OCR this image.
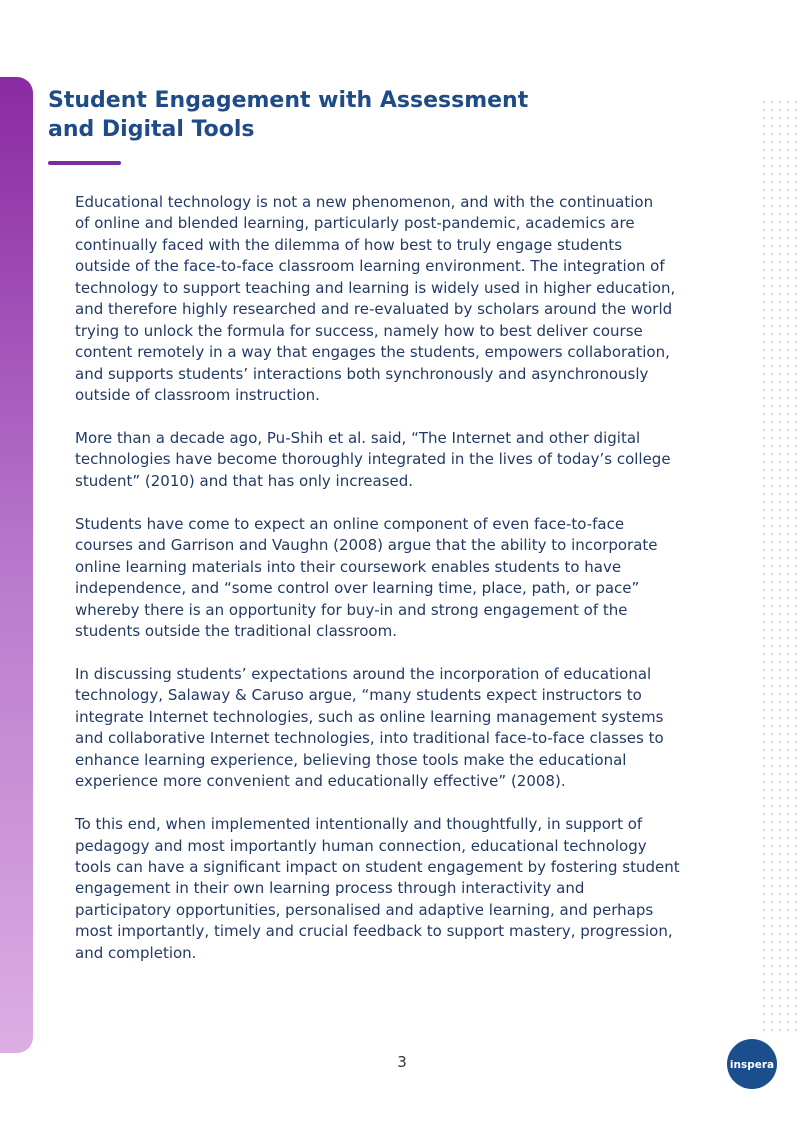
Student Engagement with Assessment
and Digital Tools

Educational technology is not a new phenomenon, and with the continuation
of online and blended learning, particularly post-pandemic, academics are
continually faced with the dilemma of how best to truly engage students
outside of the face-to-face classroom learning environment. The integration of
technology to support teaching and learning is widely used in higher education,
and therefore highly researched and re-evaluated by scholars around the world
trying to unlock the formula for success, namely how to best deliver course
content remotely in a way that engages the students, empowers collaboration,
and supports students’ interactions both synchronously and asynchronously
outside of classroom instruction.

More than a decade ago, Pu-Shih et al. said, “The Internet and other digital
technologies have become thoroughly integrated in the lives of today’s college
student” (2010) and that has only increased.

Students have come to expect an online component of even face-to-face
courses and Garrison and Vaughn (2008) argue that the ability to incorporate
online learning materials into their coursework enables students to have
independence, and “some control over learning time, place, path, or pace”
whereby there is an opportunity for buy-in and strong engagement of the
students outside the traditional classroom.

In discussing students’ expectations around the incorporation of educational
technology, Salaway & Caruso argue, “many students expect instructors to
integrate Internet technologies, such as online learning management systems
and collaborative Internet technologies, into traditional face-to-face classes to
enhance learning experience, believing those tools make the educational
experience more convenient and educationally effective” (2008).

To this end, when implemented intentionally and thoughtfully, in support of
pedagogy and most importantly human connection, educational technology
tools can have a significant impact on student engagement by fostering student
engagement in their own learning process through interactivity and
participatory opportunities, personalised and adaptive learning, and perhaps
most importantly, timely and crucial feedback to support mastery, progression,
and completion.

3	inspera
